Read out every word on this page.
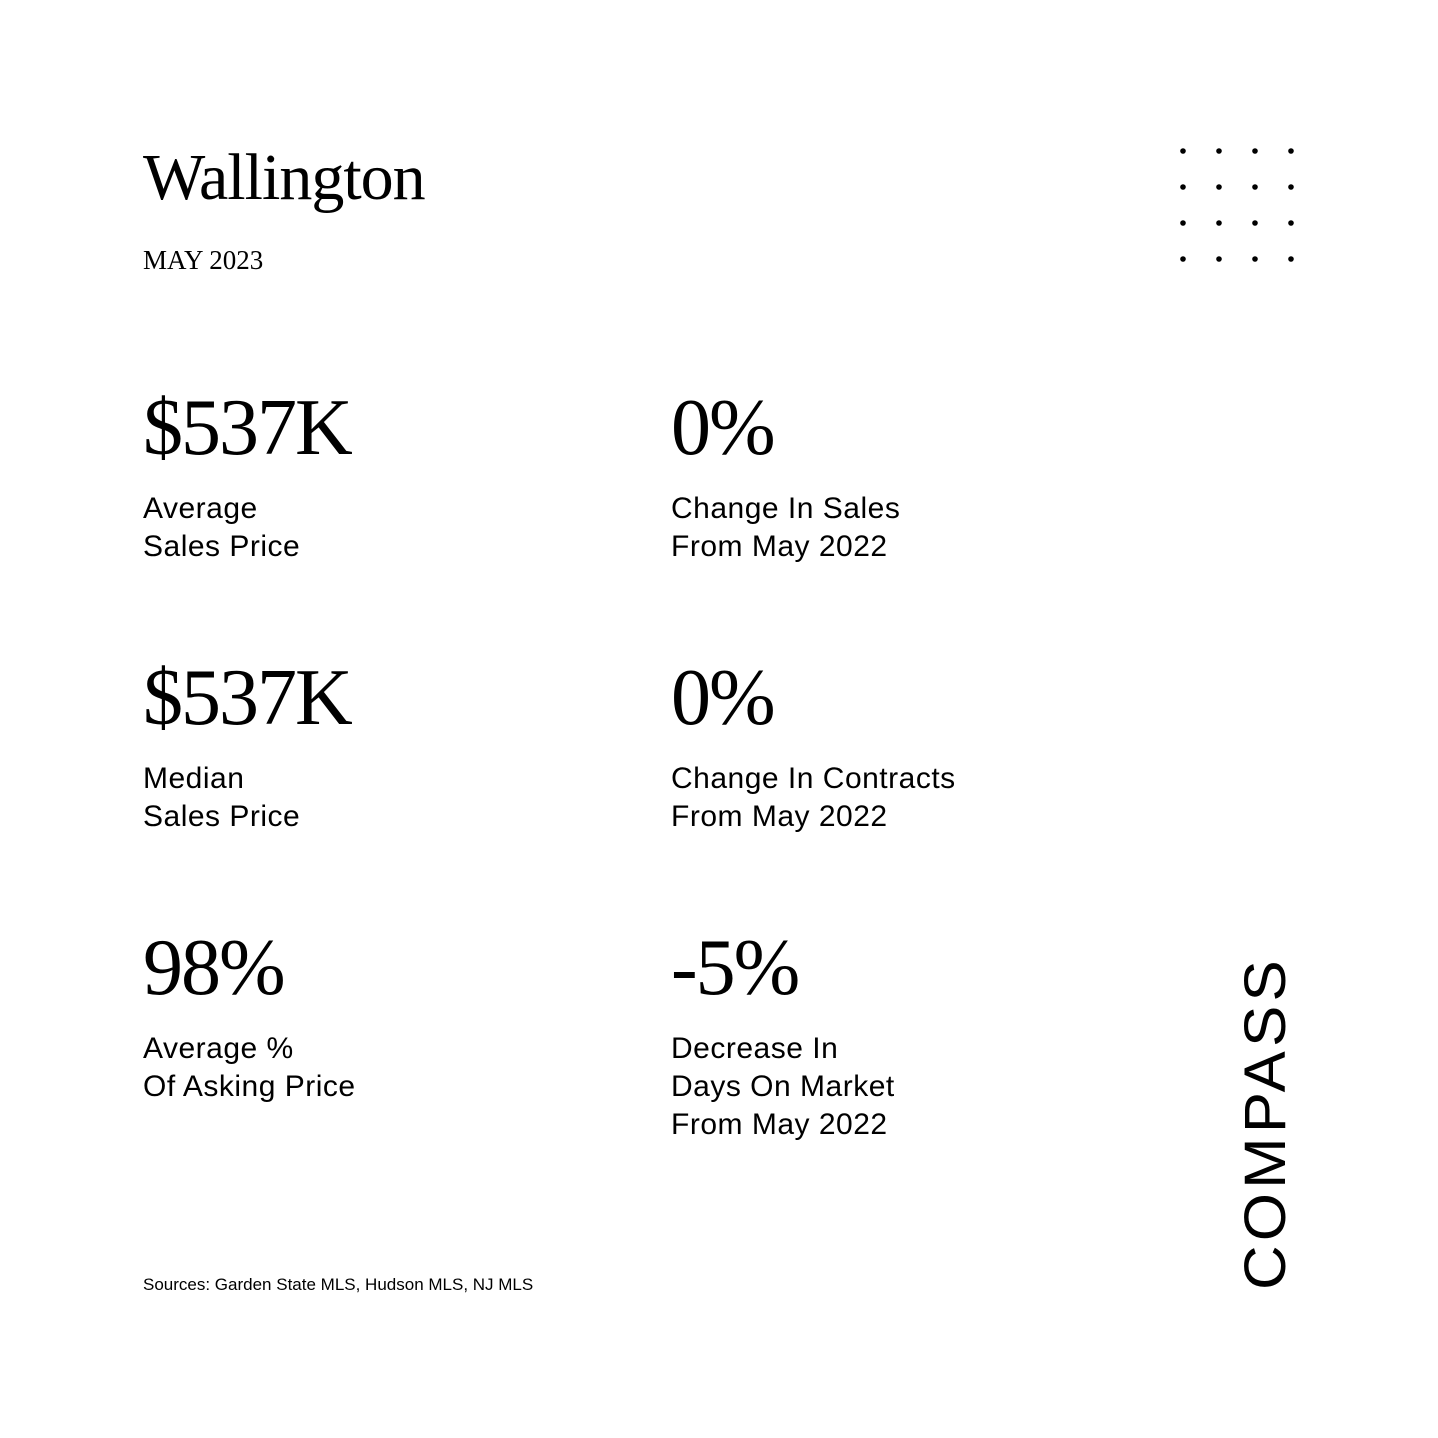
Wallington
MAY 2023
$537K
Average
Sales Price
0%
Change In Sales
From May 2022
$537K
Median
Sales Price
0%
Change In Contracts
From May 2022
98%
Average %
Of Asking Price
-5%
Decrease In
Days On Market
From May 2022
Sources: Garden State MLS, Hudson MLS, NJ MLS	COMPASS
